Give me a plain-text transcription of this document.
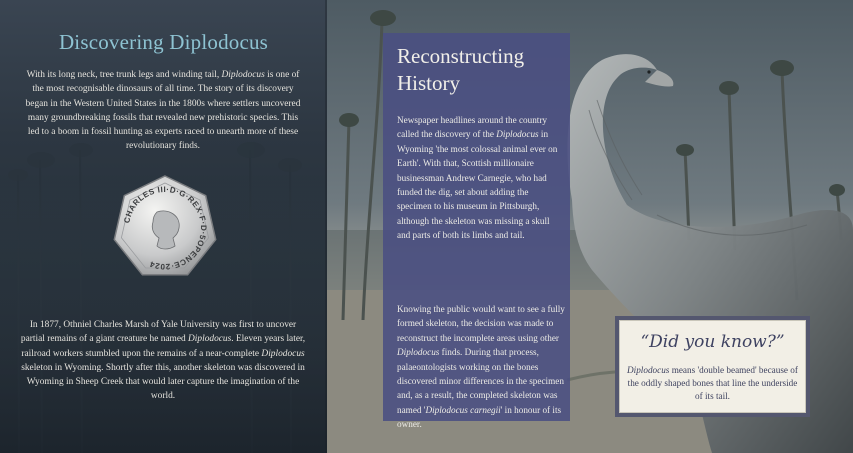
Discovering Diplodocus

With its long neck, tree trunk legs and winding tail, Diplodocus is one of the most recognisable dinosaurs of all time. The story of its discovery began in the Western United States in the 1800s where settlers uncovered many groundbreaking fossils that revealed new prehistoric species. This led to a boom in fossil hunting as experts raced to unearth more of these revolutionary finds.

CHARLES III·D·G·REX·F·D·5OPENCE·2024

In 1877, Othniel Charles Marsh of Yale University was first to uncover partial remains of a giant creature he named Diplodocus. Eleven years later, railroad workers stumbled upon the remains of a near-complete Diplodocus skeleton in Wyoming. Shortly after this, another skeleton was discovered in Wyoming in Sheep Creek that would later capture the imagination of the world.

Reconstructing
History

Newspaper headlines around the country called the discovery of the Diplodocus in Wyoming 'the most colossal animal ever on Earth'. With that, Scottish millionaire businessman Andrew Carnegie, who had funded the dig, set about adding the specimen to his museum in Pittsburgh, although the skeleton was missing a skull and parts of both its limbs and tail.

Knowing the public would want to see a fully formed skeleton, the decision was made to reconstruct the incomplete areas using other Diplodocus finds. During that process, palaeontologists working on the bones discovered minor differences in the specimen and, as a result, the completed skeleton was named 'Diplodocus carnegii' in honour of its owner.

“Did you know?”

Diplodocus means 'double beamed' because of the oddly shaped bones that line the underside of its tail.
